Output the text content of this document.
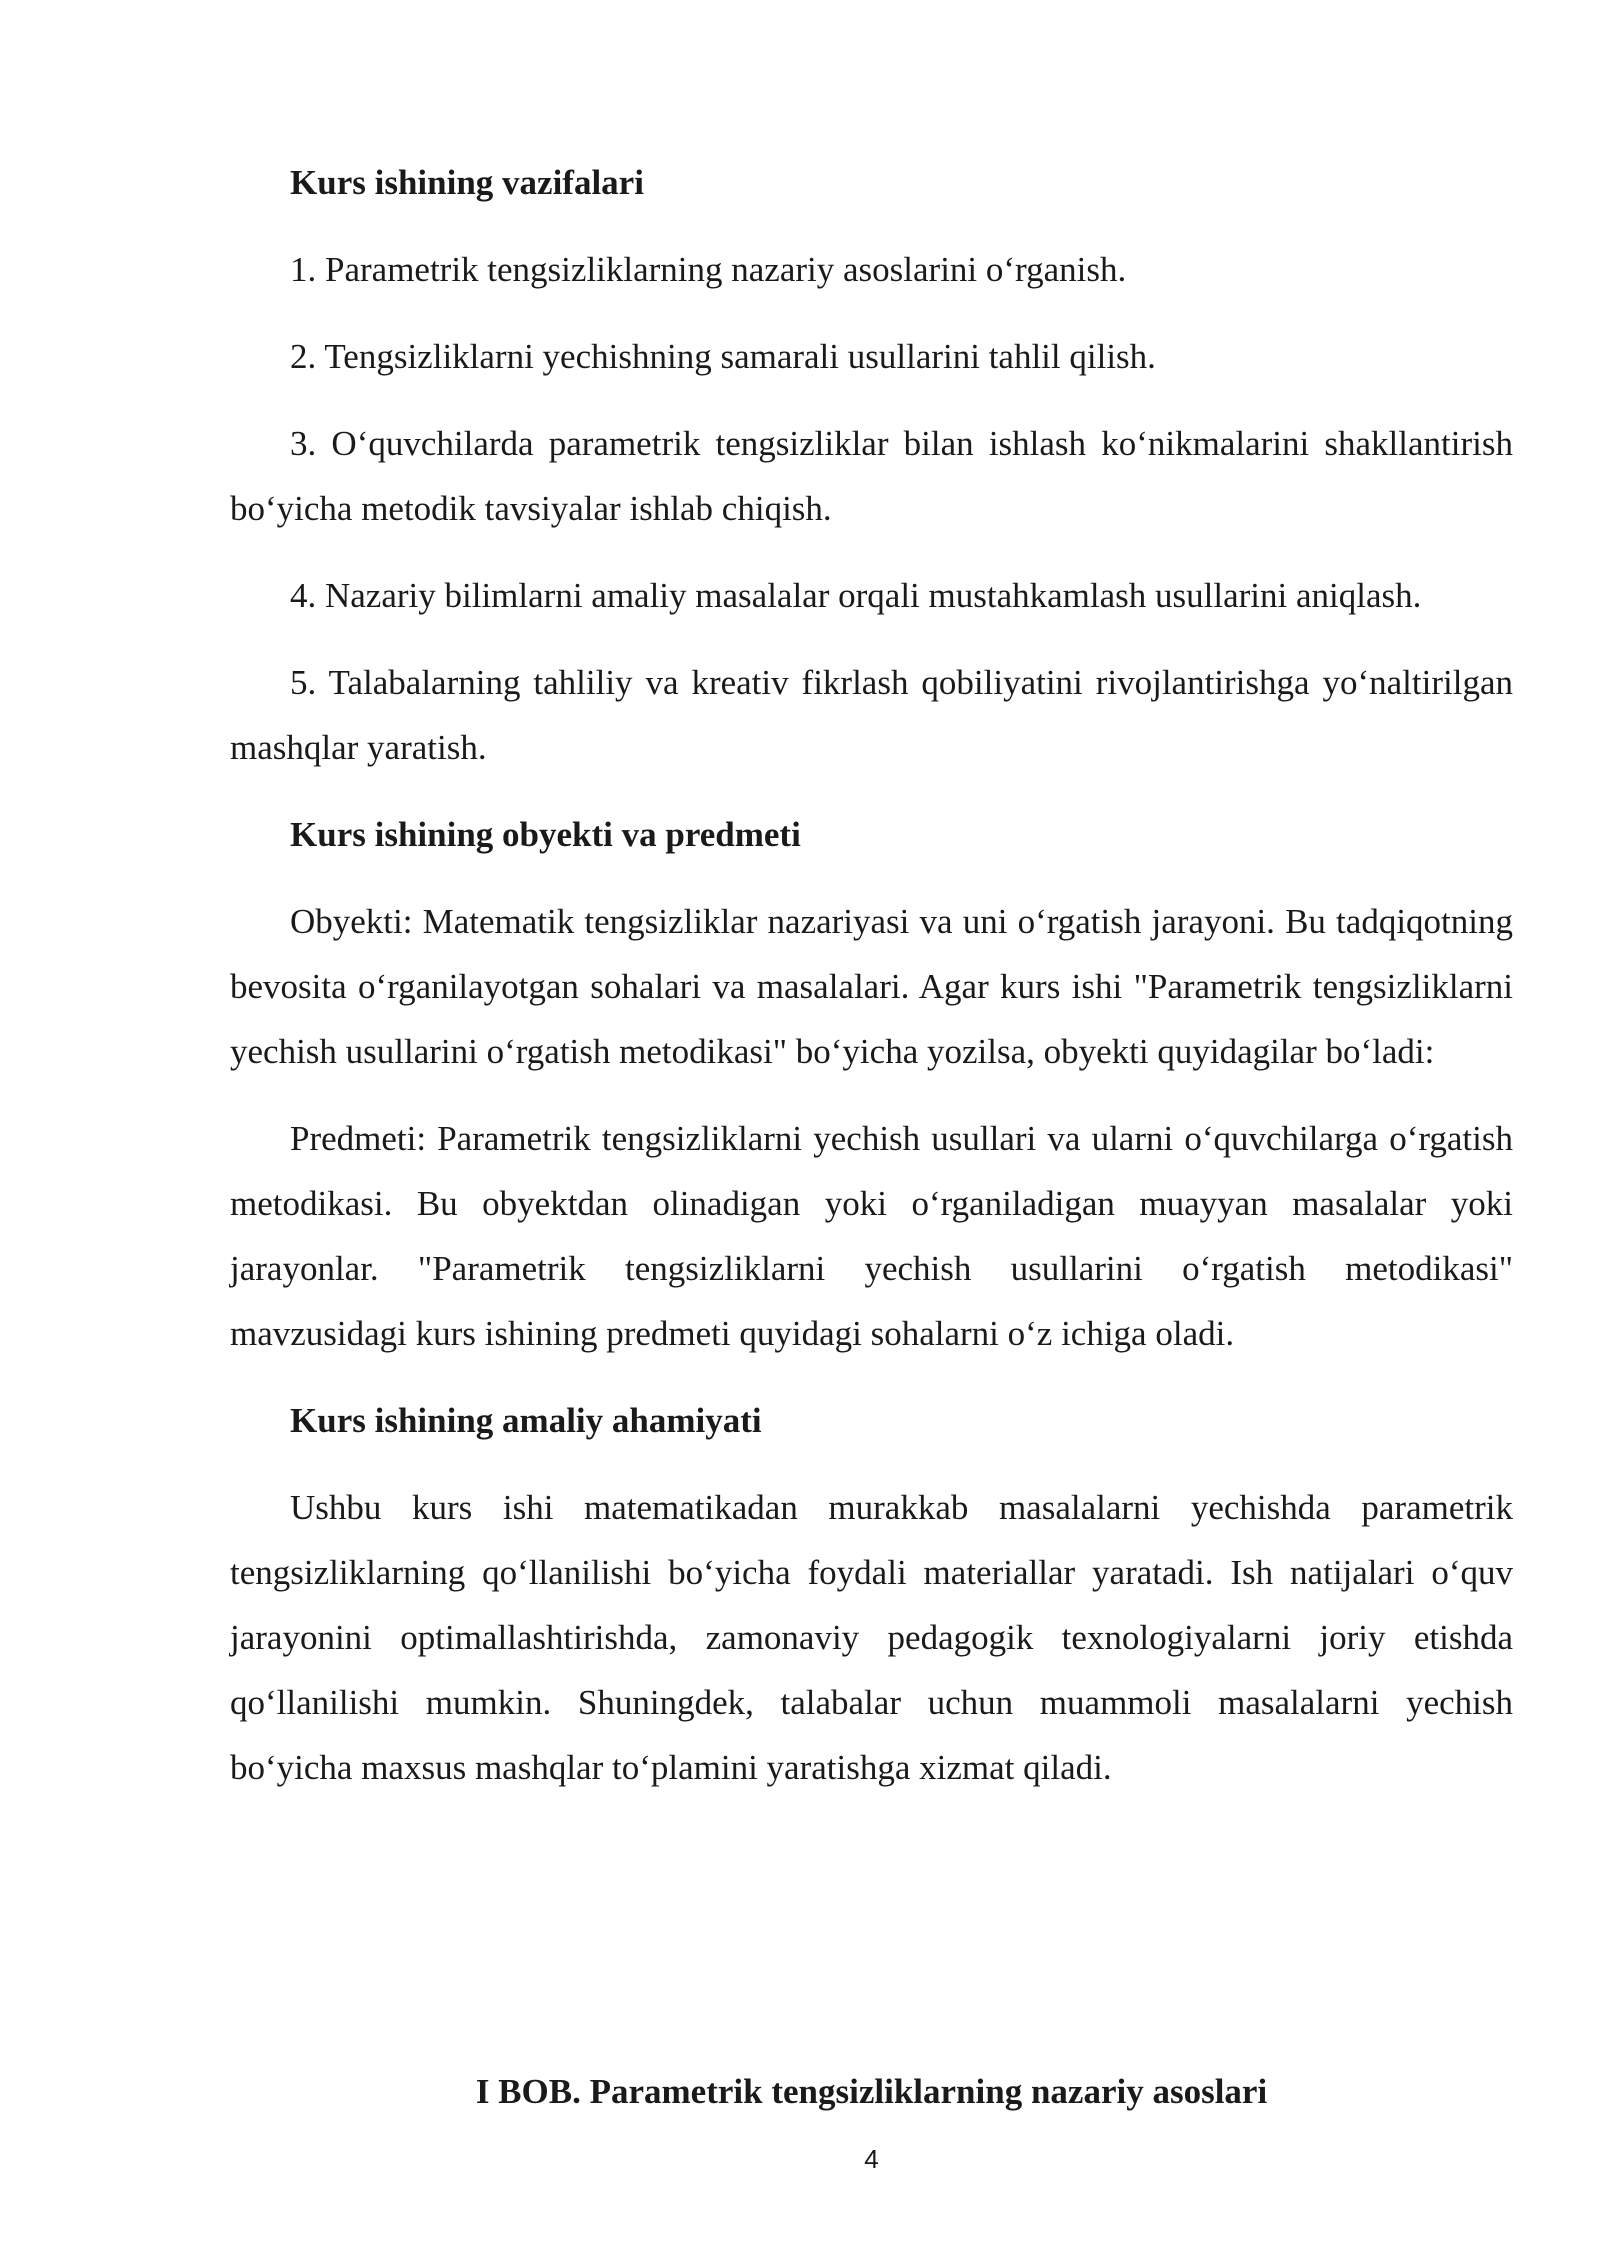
Kurs ishining vazifalari

1. Parametrik tengsizliklarning nazariy asoslarini o‘rganish.

2. Tengsizliklarni yechishning samarali usullarini tahlil qilish.

3. O‘quvchilarda parametrik tengsizliklar bilan ishlash ko‘nikmalarini shakllantirish bo‘yicha metodik tavsiyalar ishlab chiqish.

4. Nazariy bilimlarni amaliy masalalar orqali mustahkamlash usullarini aniqlash.

5. Talabalarning tahliliy va kreativ fikrlash qobiliyatini rivojlantirishga yo‘naltirilgan mashqlar yaratish.

Kurs ishining obyekti va predmeti

Obyekti: Matematik tengsizliklar nazariyasi va uni o‘rgatish jarayoni. Bu tadqiqotning bevosita o‘rganilayotgan sohalari va masalalari. Agar kurs ishi "Parametrik tengsizliklarni yechish usullarini o‘rgatish metodikasi" bo‘yicha yozilsa, obyekti quyidagilar bo‘ladi:

Predmeti: Parametrik tengsizliklarni yechish usullari va ularni o‘quvchilarga o‘rgatish metodikasi. Bu obyektdan olinadigan yoki o‘rganiladigan muayyan masalalar yoki jarayonlar. "Parametrik tengsizliklarni yechish usullarini o‘rgatish metodikasi" mavzusidagi kurs ishining predmeti quyidagi sohalarni o‘z ichiga oladi.

Kurs ishining amaliy ahamiyati

Ushbu kurs ishi matematikadan murakkab masalalarni yechishda parametrik tengsizliklarning qo‘llanilishi bo‘yicha foydali materiallar yaratadi. Ish natijalari o‘quv jarayonini optimallashtirishda, zamonaviy pedagogik texnologiyalarni joriy etishda qo‘llanilishi mumkin. Shuningdek, talabalar uchun muammoli masalalarni yechish bo‘yicha maxsus mashqlar to‘plamini yaratishga xizmat qiladi.

I BOB. Parametrik tengsizliklarning nazariy asoslari
4
